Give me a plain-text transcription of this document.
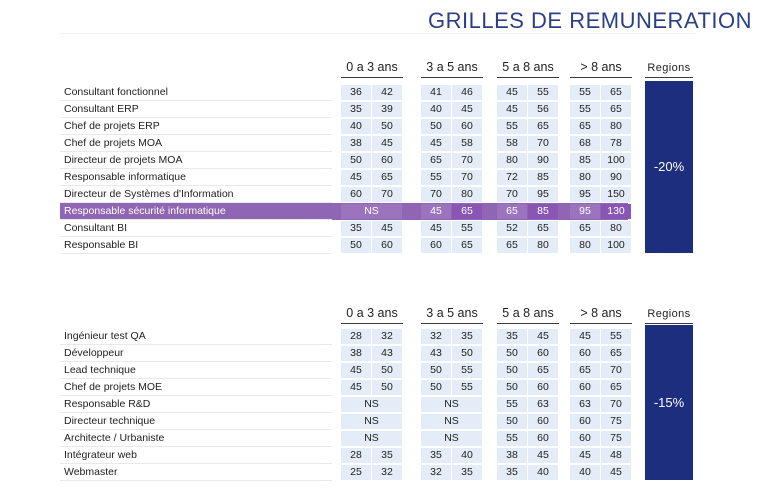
GRILLES DE REMUNERATION
0 a 3 ans	3 a 5 ans	5 a 8 ans	> 8 ans	Regions
Consultant fonctionnel	36	42	41	46	45	55	55	65
Consultant ERP	35	39	40	45	45	56	55	65
Chef de projets ERP	40	50	50	60	55	65	65	80
Chef de projets MOA	38	45	45	58	58	70	68	78
Directeur de projets MOA	50	60	65	70	80	90	85	100
Responsable informatique	45	65	55	70	72	85	80	90
Directeur de Systèmes d'Information	60	70	70	80	70	95	95	150
Responsable sécurité informatique	NS	45	65	65	85	95	130
Consultant BI	35	45	45	55	52	65	65	80
Responsable BI	50	60	60	65	65	80	80	100
-20%
0 a 3 ans	3 a 5 ans	5 a 8 ans	> 8 ans	Regions
Ingénieur test QA	28	32	32	35	35	45	45	55
Développeur	38	43	43	50	50	60	60	65
Lead technique	45	50	50	55	50	65	65	70
Chef de projets MOE	45	50	50	55	50	60	60	65
Responsable R&D	NS	NS	55	63	63	70
Directeur technique	NS	NS	50	60	60	75
Architecte / Urbaniste	NS	NS	55	60	60	75
Intégrateur web	28	35	35	40	38	45	45	48
Webmaster	25	32	32	35	35	40	40	45
-15%
